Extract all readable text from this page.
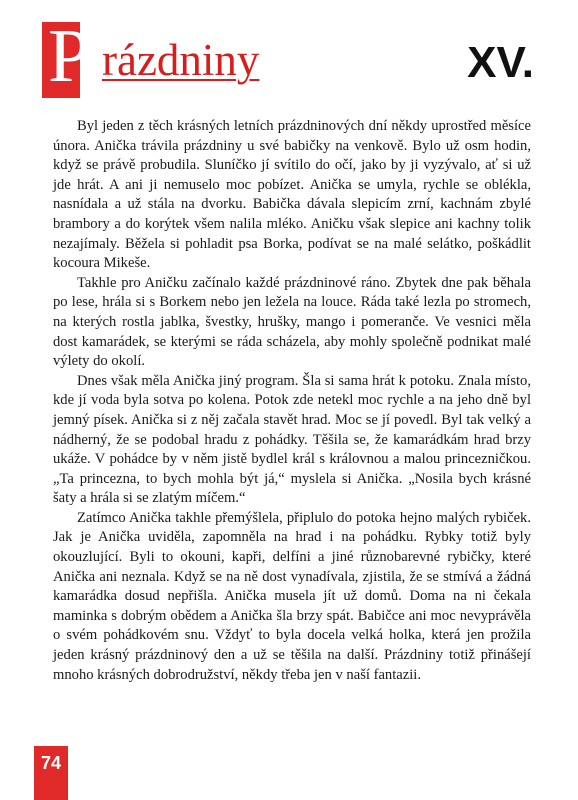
P rázdniny	XV.

Byl jeden z těch krásných letních prázdninových dní někdy uprostřed měsíce února. Anička trávila prázdniny u své babičky na venkově. Bylo už osm hodin, když se právě probudila. Sluníčko jí svítilo do očí, jako by ji vyzývalo, ať si už jde hrát. A ani ji nemuselo moc pobízet. Anička se umyla, rychle se oblékla, nasnídala a už stála na dvorku. Babička dávala slepicím zrní, kachnám zbylé brambory a do korýtek všem nalila mléko. Aničku však slepice ani kachny tolik nezajímaly. Běžela si pohladit psa Borka, podívat se na malé selátko, poškádlit kocoura Mikeše.

Takhle pro Aničku začínalo každé prázdninové ráno. Zbytek dne pak běhala po lese, hrála si s Borkem nebo jen ležela na louce. Ráda také lezla po stromech, na kterých rostla jablka, švestky, hrušky, mango i pomeranče. Ve vesnici měla dost kamarádek, se kterými se ráda scházela, aby mohly společně podnikat malé výlety do okolí.

Dnes však měla Anička jiný program. Šla si sama hrát k potoku. Znala místo, kde jí voda byla sotva po kolena. Potok zde netekl moc rychle a na jeho dně byl jemný písek. Anička si z něj začala stavět hrad. Moc se jí povedl. Byl tak velký a nádherný, že se podobal hradu z pohádky. Těšila se, že kamarádkám hrad brzy ukáže. V pohádce by v něm jistě bydlel král s královnou a malou princezničkou. „Ta princezna, to bych mohla být já,“ myslela si Anička. „Nosila bych krásné šaty a hrála si se zlatým míčem.“

Zatímco Anička takhle přemýšlela, připlulo do potoka hejno malých rybiček. Jak je Anička uviděla, zapomněla na hrad i na pohádku. Rybky totiž byly okouzlující. Byli to okouni, kapři, delfíni a jiné různobarevné rybičky, které Anička ani neznala. Když se na ně dost vynadívala, zjistila, že se stmívá a žádná kamarádka dosud nepřišla. Anička musela jít už domů. Doma na ni čekala maminka s dobrým obědem a Anička šla brzy spát. Babičce ani moc nevyprávěla o svém pohádkovém snu. Vždyť to byla docela velká holka, která jen prožila jeden krásný prázdninový den a už se těšila na další. Prázdniny totiž přinášejí mnoho krásných dobrodružství, někdy třeba jen v naší fantazii.

74
